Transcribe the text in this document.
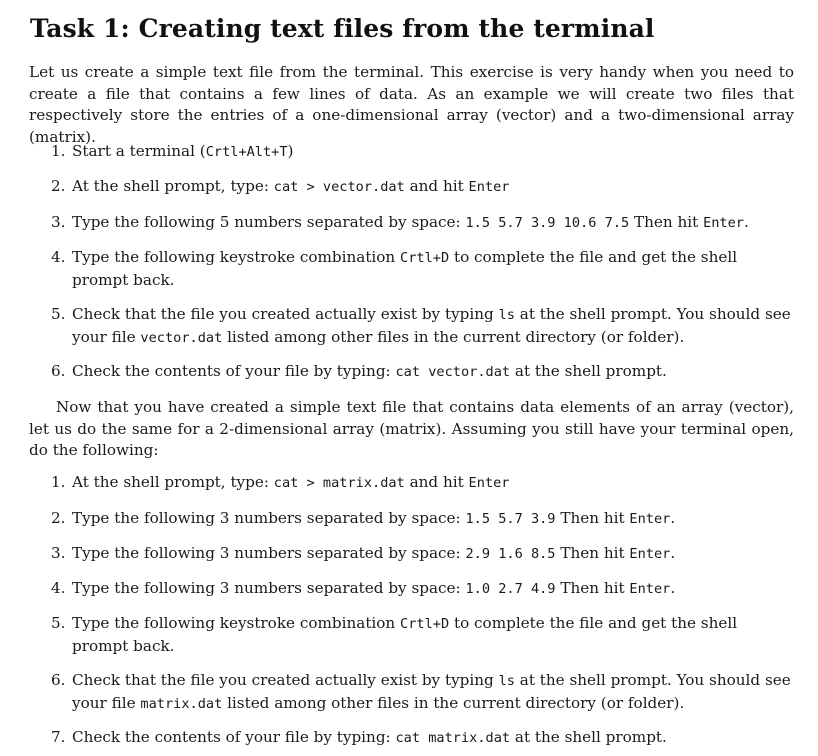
Task 1: Creating text files from the terminal

Let us create a simple text file from the terminal. This exercise is very handy when you need to create a file that contains a few lines of data. As an example we will create two files that respectively store the entries of a one-dimensional array (vector) and a two-dimensional array (matrix).

1. Start a terminal (Crtl+Alt+T)
2. At the shell prompt, type: cat > vector.dat and hit Enter
3. Type the following 5 numbers separated by space: 1.5 5.7 3.9 10.6 7.5 Then hit Enter.
4. Type the following keystroke combination Crtl+D to complete the file and get the shell prompt back.
5. Check that the file you created actually exist by typing ls at the shell prompt. You should see your file vector.dat listed among other files in the current directory (or folder).
6. Check the contents of your file by typing: cat vector.dat at the shell prompt.

Now that you have created a simple text file that contains data elements of an array (vector), let us do the same for a 2-dimensional array (matrix). Assuming you still have your terminal open, do the following:

1. At the shell prompt, type: cat > matrix.dat and hit Enter
2. Type the following 3 numbers separated by space: 1.5 5.7 3.9 Then hit Enter.
3. Type the following 3 numbers separated by space: 2.9 1.6 8.5 Then hit Enter.
4. Type the following 3 numbers separated by space: 1.0 2.7 4.9 Then hit Enter.
5. Type the following keystroke combination Crtl+D to complete the file and get the shell prompt back.
6. Check that the file you created actually exist by typing ls at the shell prompt. You should see your file matrix.dat listed among other files in the current directory (or folder).
7. Check the contents of your file by typing: cat matrix.dat at the shell prompt.
